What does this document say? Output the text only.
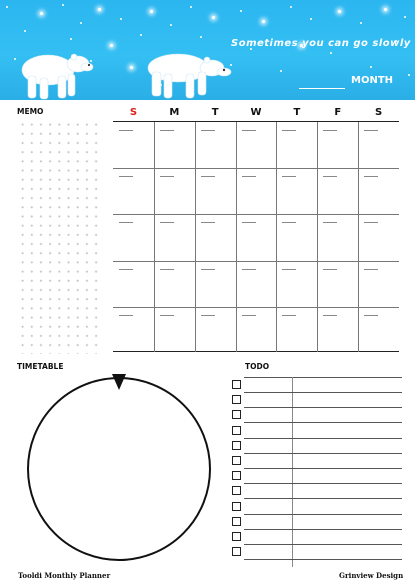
Sometimes you can go slowly
MONTH
MEMO	S	M	T	W	T	F	S
TIMETABLE	TODO
Tooldi Monthly Planner	Grinview Design
